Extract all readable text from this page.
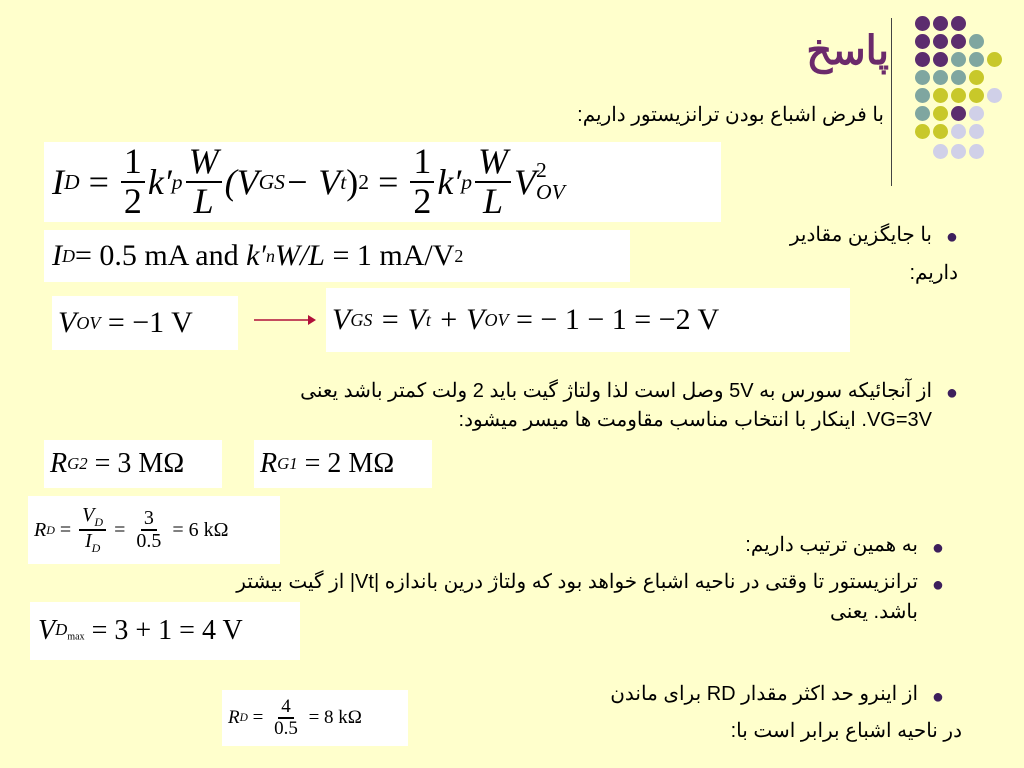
پاسخ
با فرض اشباع بودن ترانزیستور داریم:
I $D = \frac{1}{2} k'$ p $\frac{W}{L} (V$ GS − V t ) $2 = \frac{1}{2} k'$ p $\frac{W}{L}$ V 2
OV
I D = 0.5 mA and k′ n W/L = 1 mA/V 2
●
با جایگزین مقادیر
داریم:
V OV = −1 V	V GS = V t + V OV = − 1 − 1 = −2 V
●
از آنجائیکه سورس به 5V وصل است لذا ولتاژ گیت باید 2 ولت کمتر باشد یعنی
VG=3V. اینکار با انتخاب مناسب مقاومت ها میسر میشود:
R G2 = 3 MΩ	R G1 = 2 MΩ
R $D = \frac{V_D}{I_D} = \frac{3}{0.5} = 6$ kΩ
●
به همین ترتیب داریم:
●
ترانزیستور تا وقتی در ناحیه اشباع خواهد بود که ولتاژ درین باندازه |Vt| از گیت بیشتر
باشد. یعنی
V $D_{max} = 3 + 1 = 4$ V
●
از اینرو حد اکثر مقدار RD برای ماندن
در ناحیه اشباع برابر است با:
R $D = \frac{4}{0.5} = 8$ kΩ
